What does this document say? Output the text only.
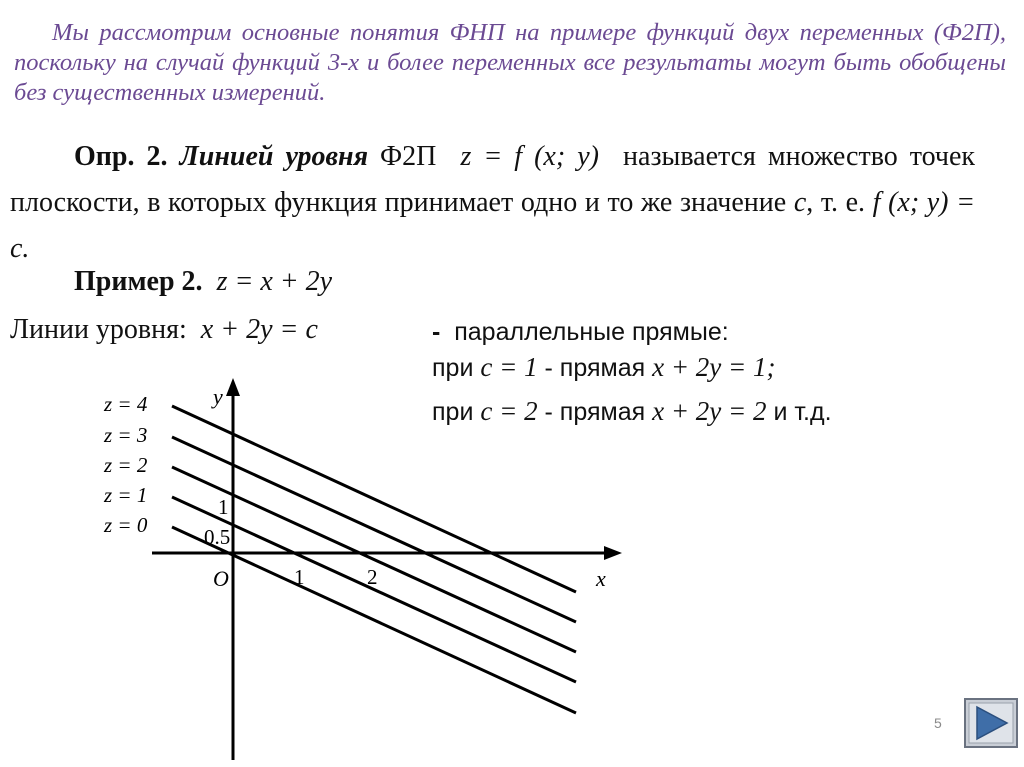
Мы рассмотрим основные понятия ФНП на примере функций двух переменных (Ф2П), поскольку на случай функций 3-х и более переменных все результаты могут быть обобщены без существенных измерений.
Опр. 2. Линией уровня Ф2П z = f (x; y) называется множество точек плоскости, в которых функция принимает одно и то же значение c, т. е. f (x; y) = c.
Пример 2. z = x + 2y
Линии уровня: x + 2y = c	- параллельные прямые:
при c = 1 - прямая x + 2y = 1;
при c = 2 - прямая x + 2y = 2 и т.д.
z = 4
z = 3
z = 2
z = 1
z = 0
y
x
O	1	2
1
0.5
5
